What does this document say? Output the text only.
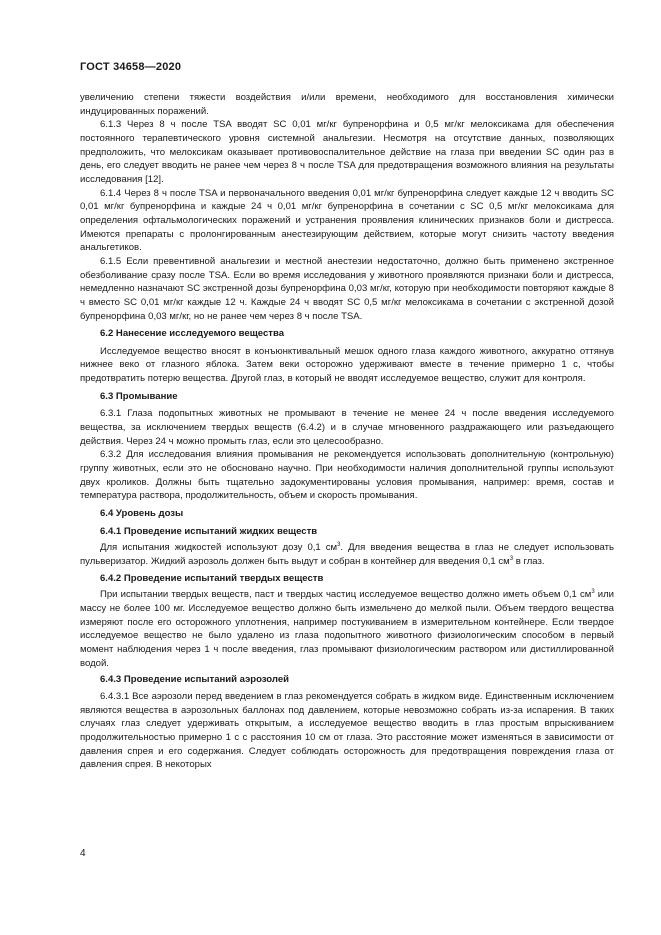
ГОСТ 34658—2020

увеличению степени тяжести воздействия и/или времени, необходимого для восстановления химически индуцированных поражений.

6.1.3 Через 8 ч после TSA вводят SC 0,01 мг/кг бупренорфина и 0,5 мг/кг мелоксикама для обеспечения постоянного терапевтического уровня системной анальгезии. Несмотря на отсутствие данных, позволяющих предположить, что мелоксикам оказывает противовоспалительное действие на глаза при введении SC один раз в день, его следует вводить не ранее чем через 8 ч после TSA для предотвращения возможного влияния на результаты исследования [12].

6.1.4 Через 8 ч после TSA и первоначального введения 0,01 мг/кг бупренорфина следует каждые 12 ч вводить SC 0,01 мг/кг бупренорфина и каждые 24 ч 0,01 мг/кг бупренорфина в сочетании с SC 0,5 мг/кг мелоксикама для определения офтальмологических поражений и устранения проявления клинических признаков боли и дистресса. Имеются препараты с пролонгированным анестезирующим действием, которые могут снизить частоту введения анальгетиков.

6.1.5 Если превентивной анальгезии и местной анестезии недостаточно, должно быть применено экстренное обезболивание сразу после TSA. Если во время исследования у животного проявляются признаки боли и дистресса, немедленно назначают SC экстренной дозы бупренорфина 0,03 мг/кг, которую при необходимости повторяют каждые 8 ч вместо SC 0,01 мг/кг каждые 12 ч. Каждые 24 ч вводят SC 0,5 мг/кг мелоксикама в сочетании с экстренной дозой бупренорфина 0,03 мг/кг, но не ранее чем через 8 ч после TSA.

6.2 Нанесение исследуемого вещества

Исследуемое вещество вносят в конъюнктивальный мешок одного глаза каждого животного, аккуратно оттянув нижнее веко от глазного яблока. Затем веки осторожно удерживают вместе в течение примерно 1 с, чтобы предотвратить потерю вещества. Другой глаз, в который не вводят исследуемое вещество, служит для контроля.

6.3 Промывание

6.3.1 Глаза подопытных животных не промывают в течение не менее 24 ч после введения исследуемого вещества, за исключением твердых веществ (6.4.2) и в случае мгновенного раздражающего или разъедающего действия. Через 24 ч можно промыть глаз, если это целесообразно.

6.3.2 Для исследования влияния промывания не рекомендуется использовать дополнительную (контрольную) группу животных, если это не обосновано научно. При необходимости наличия дополнительной группы используют двух кроликов. Должны быть тщательно задокументированы условия промывания, например: время, состав и температура раствора, продолжительность, объем и скорость промывания.

6.4 Уровень дозы

6.4.1 Проведение испытаний жидких веществ

Для испытания жидкостей используют дозу 0,1 $см^3$. Для введения вещества в глаз не следует использовать пульверизатор. Жидкий аэрозоль должен быть выдут и собран в контейнер для введения 0,1 $см^3$ в глаз.

6.4.2 Проведение испытаний твердых веществ

При испытании твердых веществ, паст и твердых частиц исследуемое вещество должно иметь объем 0,1 $см^3$ или массу не более 100 мг. Исследуемое вещество должно быть измельчено до мелкой пыли. Объем твердого вещества измеряют после его осторожного уплотнения, например постукиванием в измерительном контейнере. Если твердое исследуемое вещество не было удалено из глаза подопытного животного физиологическим способом в первый момент наблюдения через 1 ч после введения, глаз промывают физиологическим раствором или дистиллированной водой.

6.4.3 Проведение испытаний аэрозолей

6.4.3.1 Все аэрозоли перед введением в глаз рекомендуется собрать в жидком виде. Единственным исключением являются вещества в аэрозольных баллонах под давлением, которые невозможно собрать из-за испарения. В таких случаях глаз следует удерживать открытым, а исследуемое вещество вводить в глаз простым впрыскиванием продолжительностью примерно 1 с с расстояния 10 см от глаза. Это расстояние может изменяться в зависимости от давления спрея и его содержания. Следует соблюдать осторожность для предотвращения повреждения глаза от давления спрея. В некоторых

4
